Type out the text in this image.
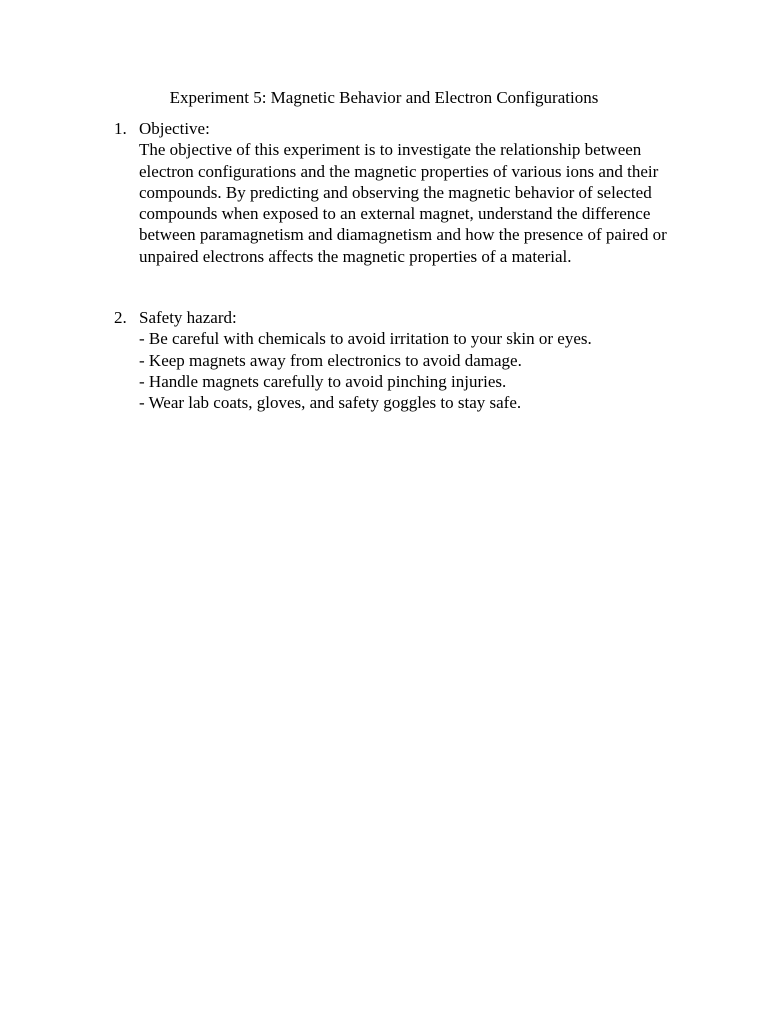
Experiment 5: Magnetic Behavior and Electron Configurations
1. Objective:
The objective of this experiment is to investigate the relationship between electron configurations and the magnetic properties of various ions and their compounds. By predicting and observing the magnetic behavior of selected compounds when exposed to an external magnet, understand the difference between paramagnetism and diamagnetism and how the presence of paired or unpaired electrons affects the magnetic properties of a material.
2. Safety hazard:
- Be careful with chemicals to avoid irritation to your skin or eyes.
- Keep magnets away from electronics to avoid damage.
- Handle magnets carefully to avoid pinching injuries.
- Wear lab coats, gloves, and safety goggles to stay safe.
